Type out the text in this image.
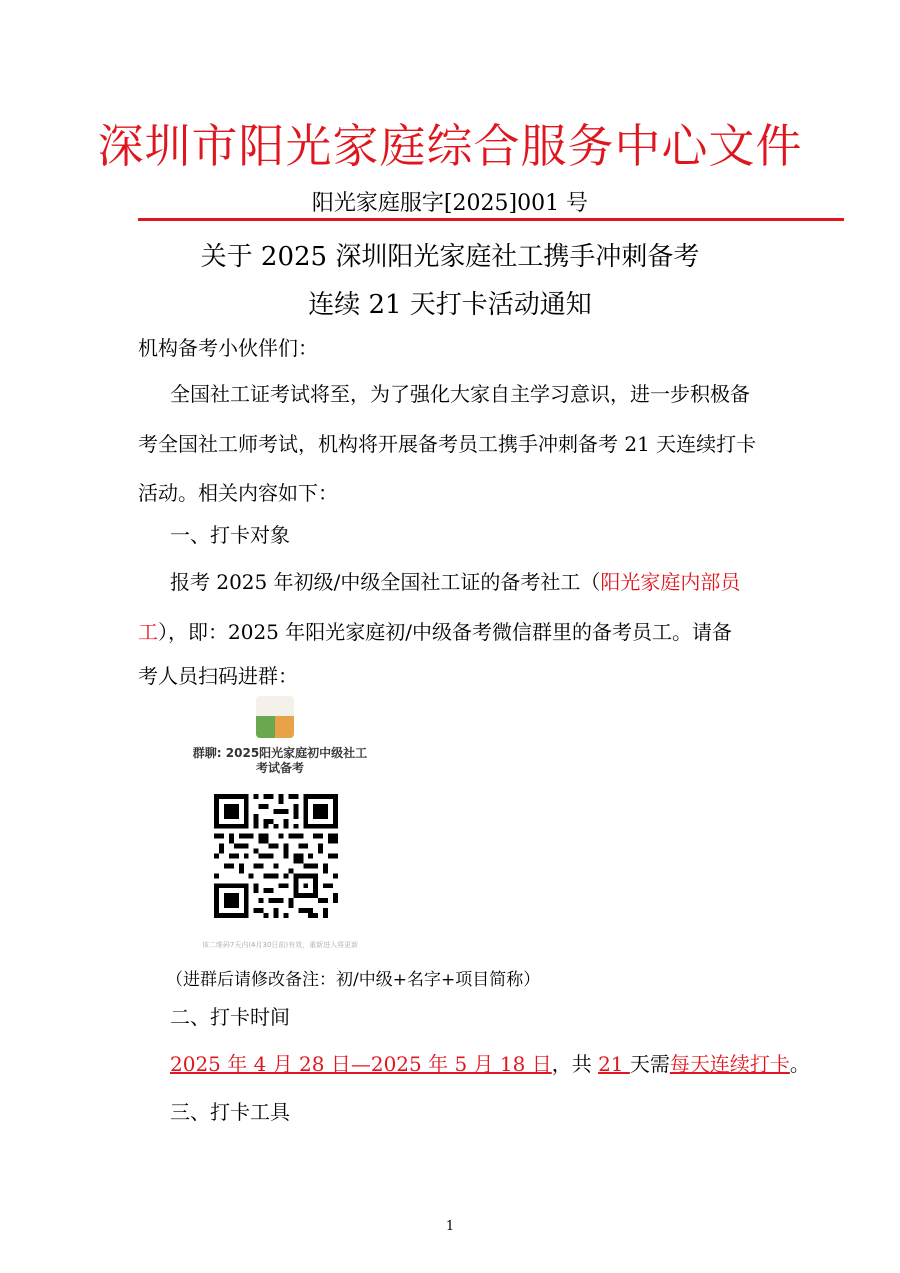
深圳市阳光家庭综合服务中心文件
阳光家庭服字[2025]001 号
关于 2025 深圳阳光家庭社工携手冲刺备考
连续 21 天打卡活动通知
机构备考小伙伴们：
全国社工证考试将至，为了强化大家自主学习意识，进一步积极备
考全国社工师考试，机构将开展备考员工携手冲刺备考 21 天连续打卡
活动。相关内容如下：
一、打卡对象
报考 2025 年初级/中级全国社工证的备考社工（阳光家庭内部员
工），即：2025 年阳光家庭初/中级备考微信群里的备考员工。请备
考人员扫码进群：
群聊: 2025阳光家庭初中级社工考试备考
该二维码7天内(4月30日前)有效，重新进入将更新
（进群后请修改备注：初/中级+名字+项目简称）
二、打卡时间
2025 年 4 月 28 日—2025 年 5 月 18 日，共 21 天需每天连续打卡。
三、打卡工具
1
